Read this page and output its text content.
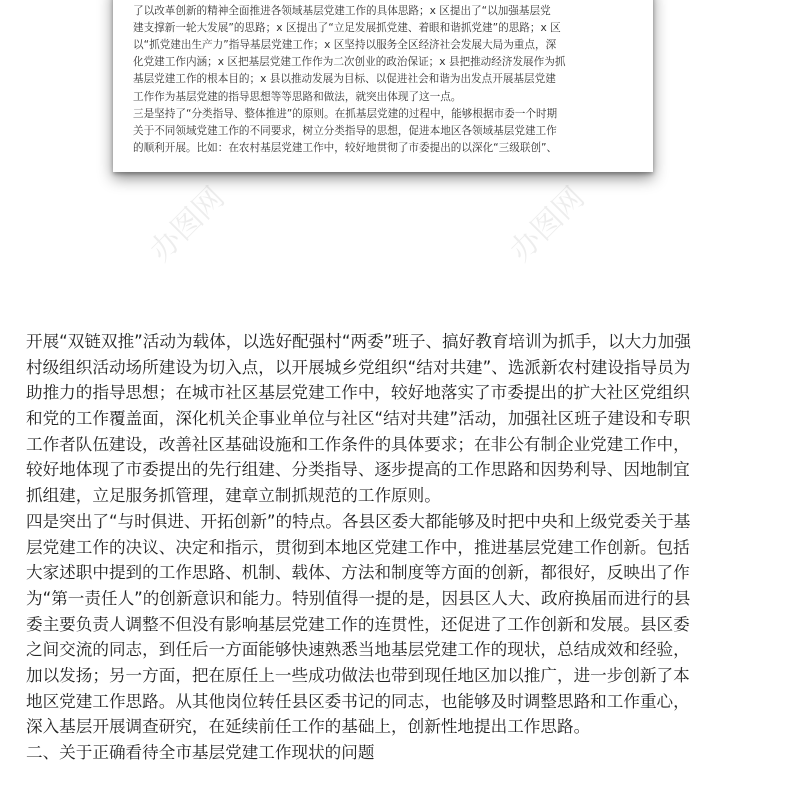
了以改革创新的精神全面推进各领域基层党建工作的具体思路；x 区提出了“以加强基层党
建支撑新一轮大发展”的思路；x 区提出了“立足发展抓党建、着眼和谐抓党建”的思路；x 区
以“抓党建出生产力”指导基层党建工作；x 区坚持以服务全区经济社会发展大局为重点，深
化党建工作内涵；x 区把基层党建工作作为二次创业的政治保证；x 县把推动经济发展作为抓
基层党建工作的根本目的；x 县以推动发展为目标、以促进社会和谐为出发点开展基层党建
工作作为基层党建的指导思想等等思路和做法，就突出体现了这一点。
三是坚持了“分类指导、整体推进”的原则。在抓基层党建的过程中，能够根据市委一个时期
关于不同领域党建工作的不同要求，树立分类指导的思想，促进本地区各领域基层党建工作
的顺利开展。比如：在农村基层党建工作中，较好地贯彻了市委提出的以深化“三级联创”、
办图网	办图网
开展“双链双推”活动为载体，以选好配强村“两委”班子、搞好教育培训为抓手，以大力加强
村级组织活动场所建设为切入点，以开展城乡党组织“结对共建”、选派新农村建设指导员为
助推力的指导思想；在城市社区基层党建工作中，较好地落实了市委提出的扩大社区党组织
和党的工作覆盖面，深化机关企事业单位与社区“结对共建”活动，加强社区班子建设和专职
工作者队伍建设，改善社区基础设施和工作条件的具体要求；在非公有制企业党建工作中，
较好地体现了市委提出的先行组建、分类指导、逐步提高的工作思路和因势利导、因地制宜
抓组建，立足服务抓管理，建章立制抓规范的工作原则。
四是突出了“与时俱进、开拓创新”的特点。各县区委大都能够及时把中央和上级党委关于基
层党建工作的决议、决定和指示，贯彻到本地区党建工作中，推进基层党建工作创新。包括
大家述职中提到的工作思路、机制、载体、方法和制度等方面的创新，都很好，反映出了作
为“第一责任人”的创新意识和能力。特别值得一提的是，因县区人大、政府换届而进行的县
委主要负责人调整不但没有影响基层党建工作的连贯性，还促进了工作创新和发展。县区委
之间交流的同志，到任后一方面能够快速熟悉当地基层党建工作的现状，总结成效和经验，
加以发扬；另一方面，把在原任上一些成功做法也带到现任地区加以推广，进一步创新了本
地区党建工作思路。从其他岗位转任县区委书记的同志，也能够及时调整思路和工作重心，
深入基层开展调查研究，在延续前任工作的基础上，创新性地提出工作思路。
二、关于正确看待全市基层党建工作现状的问题
